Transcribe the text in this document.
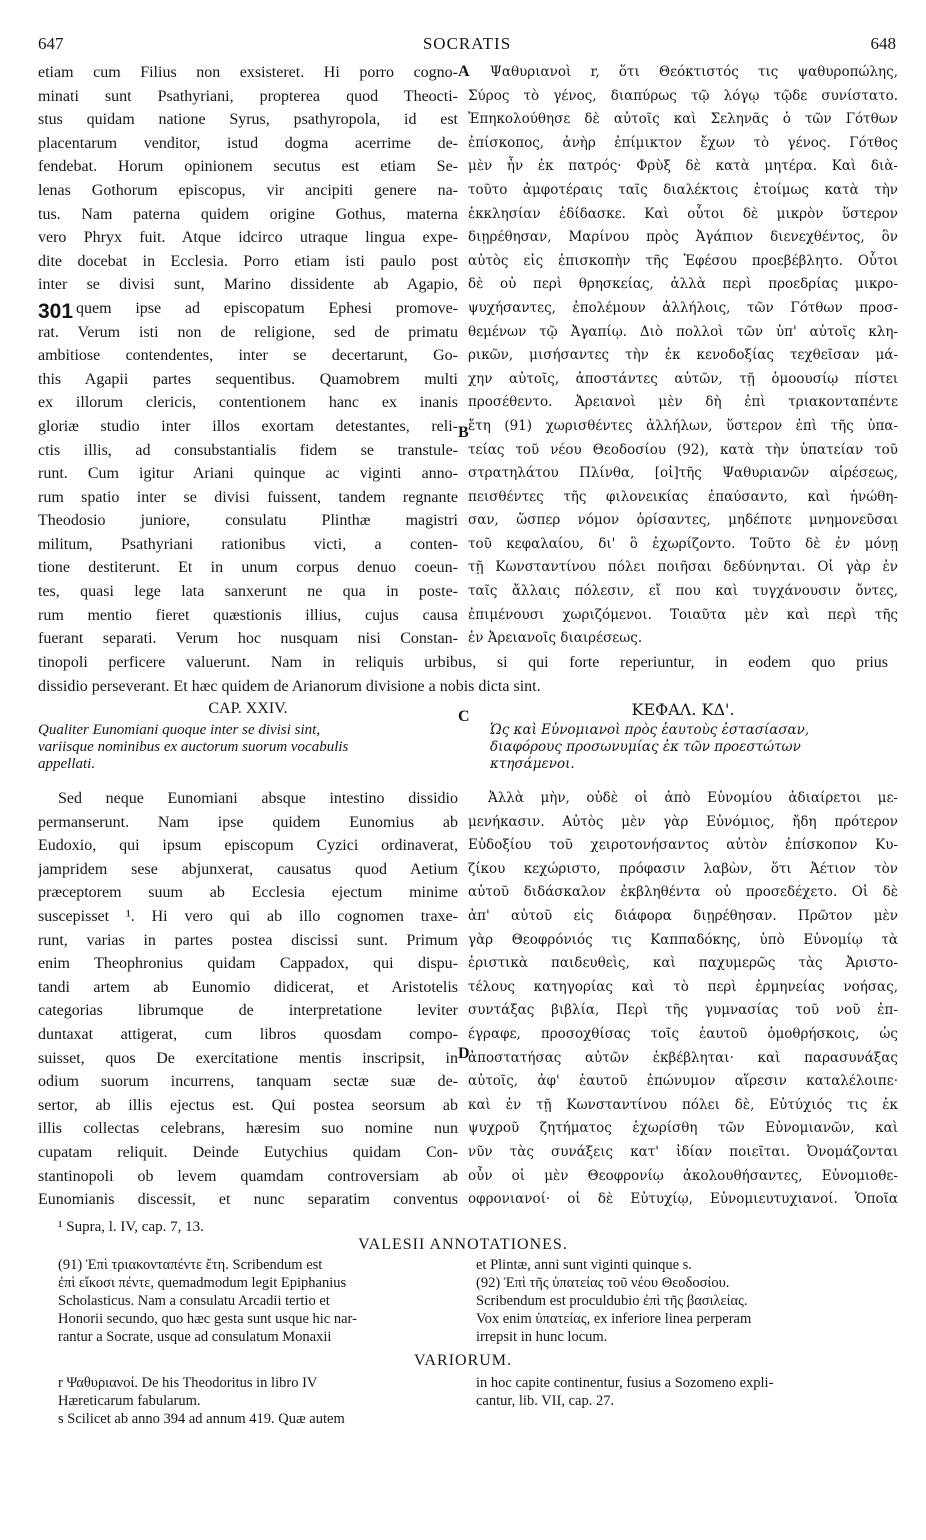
647	SOCRATIS	648
etiam cum Filius non exsisteret. Hi porro cogno-
minati sunt Psathyriani, propterea quod Theocti-
stus quidam natione Syrus, psathyropola, id est
placentarum venditor, istud dogma acerrime de-
fendebat. Horum opinionem secutus est etiam Se-
lenas Gothorum episcopus, vir ancipiti genere na-
tus. Nam paterna quidem origine Gothus, materna
vero Phryx fuit. Atque idcirco utraque lingua expe-
dite docebat in Ecclesia. Porro etiam isti paulo post
inter se divisi sunt, Marino dissidente ab Agapio,
quem ipse ad episcopatum Ephesi promove-
rat. Verum isti non de religione, sed de primatu
ambitiose contendentes, inter se decertarunt, Go-
this Agapii partes sequentibus. Quamobrem multi
ex illorum clericis, contentionem hanc ex inanis
gloriæ studio inter illos exortam detestantes, reli-
ctis illis, ad consubstantialis fidem se transtule-
runt. Cum igitur Ariani quinque ac viginti anno-
rum spatio inter se divisi fuissent, tandem regnante
Theodosio juniore, consulatu Plinthæ magistri
militum, Psathyriani rationibus victi, a conten-
tione destiterunt. Et in unum corpus denuo coeun-
tes, quasi lege lata sanxerunt ne qua in poste-
rum mentio fieret quæstionis illius, cujus causa
fuerant separati. Verum hoc nusquam nisi Constan-
Ψαθυριανοὶ r, ὅτι Θεόκτιστός τις ψαθυροπώλης,
Σύρος τὸ γένος, διαπύρως τῷ λόγῳ τῷδε συνίστατο.
Ἐπηκολούθησε δὲ αὐτοῖς καὶ Σεληνᾶς ὁ τῶν Γότθων
ἐπίσκοπος, ἀνὴρ ἐπίμικτον ἔχων τὸ γένος. Γότθος
μὲν ἦν ἐκ πατρός· Φρὺξ δὲ κατὰ μητέρα. Καὶ διὰ-
τοῦτο ἀμφοτέραις ταῖς διαλέκτοις ἑτοίμως κατὰ τὴν
ἐκκλησίαν ἐδίδασκε. Καὶ οὗτοι δὲ μικρὸν ὕστερον
διῃρέθησαν, Μαρίνου πρὸς Ἀγάπιον διενεχθέντος, ὃν
αὐτὸς εἰς ἐπισκοπὴν τῆς Ἐφέσου προεβέβλητο. Οὗτοι
δὲ οὐ περὶ θρησκείας, ἀλλὰ περὶ προεδρίας μικρο-
ψυχήσαντες, ἐπολέμουν ἀλλήλοις, τῶν Γότθων προσ-
θεμένων τῷ Ἀγαπίῳ. Διὸ πολλοὶ τῶν ὑπ' αὐτοῖς κλη-
ρικῶν, μισήσαντες τὴν ἐκ κενοδοξίας τεχθεῖσαν μά-
χην αὐτοῖς, ἀποστάντες αὐτῶν, τῇ ὁμοουσίῳ πίστει
προσέθεντο. Ἀρειανοὶ μὲν δὴ ἐπὶ τριακονταπέντε
ἔτη (91) χωρισθέντες ἀλλήλων, ὕστερον ἐπὶ τῆς ὑπα-
τείας τοῦ νέου Θεοδοσίου (92), κατὰ τὴν ὑπατείαν τοῦ
στρατηλάτου Πλίνθα, [οἱ]τῆς Ψαθυριανῶν αἱρέσεως,
πεισθέντες τῆς φιλονεικίας ἐπαύσαντο, καὶ ἡνώθη-
σαν, ὥσπερ νόμον ὁρίσαντες, μηδέποτε μνημονεῦσαι
τοῦ κεφαλαίου, δι' ὃ ἐχωρίζοντο. Τοῦτο δὲ ἐν μόνῃ
τῇ Κωνσταντίνου πόλει ποιῆσαι δεδύνηνται. Οἱ γὰρ ἐν
ταῖς ἄλλαις πόλεσιν, εἴ που καὶ τυγχάνουσιν ὄντες,
ἐπιμένουσι χωριζόμενοι. Τοιαῦτα μὲν καὶ περὶ τῆς
ἐν Ἀρειανοῖς διαιρέσεως.
A
B
301
tinopoli perficere valuerunt. Nam in reliquis urbibus, si qui forte reperiuntur, in eodem quo prius
dissidio perseverant. Et hæc quidem de Arianorum divisione a nobis dicta sint.
CAP. XXIV.
Qualiter Eunomiani quoque inter se divisi sint,
variisque nominibus ex auctorum suorum vocabulis
appellati.
C	ΚΕΦΑΛ. ΚΔ'.
Ὡς καὶ Εὐνομιανοὶ πρὸς ἑαυτοὺς ἐστασίασαν,
διαφόρους προσωνυμίας ἐκ τῶν προεστώτων
κτησάμενοι.
Sed neque Eunomiani absque intestino dissidio
permanserunt. Nam ipse quidem Eunomius ab
Eudoxio, qui ipsum episcopum Cyzici ordinaverat,
jampridem sese abjunxerat, causatus quod Aetium
præceptorem suum ab Ecclesia ejectum minime
suscepisset ¹. Hi vero qui ab illo cognomen traxe-
runt, varias in partes postea discissi sunt. Primum
enim Theophronius quidam Cappadox, qui dispu-
tandi artem ab Eunomio didicerat, et Aristotelis
categorias librumque de interpretatione leviter
duntaxat attigerat, cum libros quosdam compo-
suisset, quos De exercitatione mentis inscripsit, in
odium suorum incurrens, tanquam sectæ suæ de-
sertor, ab illis ejectus est. Qui postea seorsum ab
illis collectas celebrans, hæresim suo nomine nun
cupatam reliquit. Deinde Eutychius quidam Con-
stantinopoli ob levem quamdam controversiam ab
Eunomianis discessit, et nunc separatim conventus
Ἀλλὰ μὴν, οὐδὲ οἱ ἀπὸ Εὐνομίου ἀδιαίρετοι με-
μενήκασιν. Αὐτὸς μὲν γὰρ Εὐνόμιος, ἤδη πρότερον
Εὐδοξίου τοῦ χειροτονήσαντος αὐτὸν ἐπίσκοπον Κυ-
ζίκου κεχώριστο, πρόφασιν λαβὼν, ὅτι Ἀέτιον τὸν
αὐτοῦ διδάσκαλον ἐκβληθέντα οὐ προσεδέχετο. Οἱ δὲ
ἀπ' αὐτοῦ εἰς διάφορα διῃρέθησαν. Πρῶτον μὲν
γὰρ Θεοφρόνιός τις Καππαδόκης, ὑπὸ Εὐνομίῳ τὰ
ἐριστικὰ παιδευθεὶς, καὶ παχυμερῶς τὰς Ἀριστο-
τέλους κατηγορίας καὶ τὸ περὶ ἑρμηνείας νοήσας,
συντάξας βιβλία, Περὶ τῆς γυμνασίας τοῦ νοῦ ἐπ-
έγραφε, προσοχθίσας τοῖς ἑαυτοῦ ὁμοθρήσκοις, ὡς
ἀποστατήσας αὐτῶν ἐκβέβληται· καὶ παρασυνάξας
αὐτοῖς, ἀφ' ἑαυτοῦ ἐπώνυμον αἵρεσιν καταλέλοιπε·
καὶ ἐν τῇ Κωνσταντίνου πόλει δὲ, Εὐτύχιός τις ἐκ
ψυχροῦ ζητήματος ἐχωρίσθη τῶν Εὐνομιανῶν, καὶ
νῦν τὰς συνάξεις κατ' ἰδίαν ποιεῖται. Ὀνομάζονται
οὖν οἱ μὲν Θεοφρονίῳ ἀκολουθήσαντες, Εὐνομιοθε-
οφρονιανοί· οἱ δὲ Εὐτυχίῳ, Εὐνομιευτυχιανοί. Ὁποῖα
D
¹ Supra, l. IV, cap. 7, 13.
VALESII ANNOTATIONES.
(91) Ἐπὶ τριακονταπέντε ἔτη. Scribendum est
ἐπὶ εἴκοσι πέντε, quemadmodum legit Epiphanius
Scholasticus. Nam a consulatu Arcadii tertio et
Honorii secundo, quo hæc gesta sunt usque hic nar-
rantur a Socrate, usque ad consulatum Monaxii
et Plintæ, anni sunt viginti quinque s.
(92) Ἐπὶ τῆς ὑπατείας τοῦ νέου Θεοδοσίου.
Scribendum est proculdubio ἐπὶ τῆς βασιλείας.
Vox enim ὑπατείας, ex inferiore linea perperam
irrepsit in hunc locum.
VARIORUM.
r Ψαθυριανοί. De his Theodoritus in libro IV
Hæreticarum fabularum.
s Scilicet ab anno 394 ad annum 419. Quæ autem
in hoc capite continentur, fusius a Sozomeno expli-
cantur, lib. VII, cap. 27.
